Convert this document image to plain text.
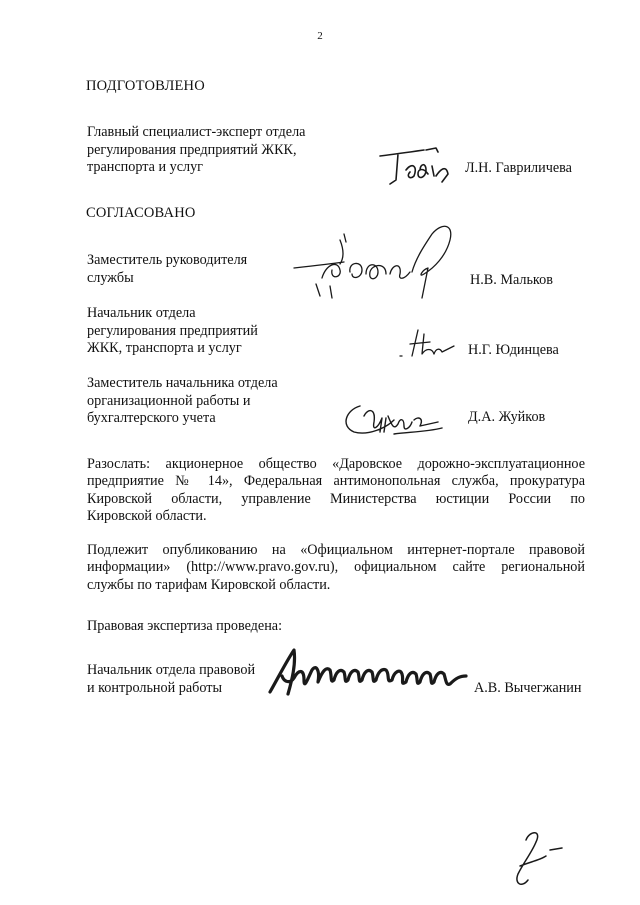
2
ПОДГОТОВЛЕНО
Главный специалист-эксперт отдела
регулирования предприятий ЖКК,
транспорта и услуг	Л.Н. Гавриличева
СОГЛАСОВАНО
Заместитель руководителя
службы	Н.В. Мальков
Начальник отдела
регулирования предприятий
ЖКК, транспорта и услуг	Н.Г. Юдинцева
Заместитель начальника отдела
организационной работы и
бухгалтерского учета	Д.А. Жуйков
Разослать: акционерное общество «Даровское дорожно-эксплуатационное
предприятие № 14», Федеральная антимонопольная служба, прокуратура
Кировской области, управление Министерства юстиции России по
Кировской области.
Подлежит опубликованию на «Официальном интернет-портале правовой
информации» (http://www.pravo.gov.ru), официальном сайте региональной
службы по тарифам Кировской области.
Правовая экспертиза проведена:
Начальник отдела правовой
и контрольной работы	А.В. Вычегжанин
